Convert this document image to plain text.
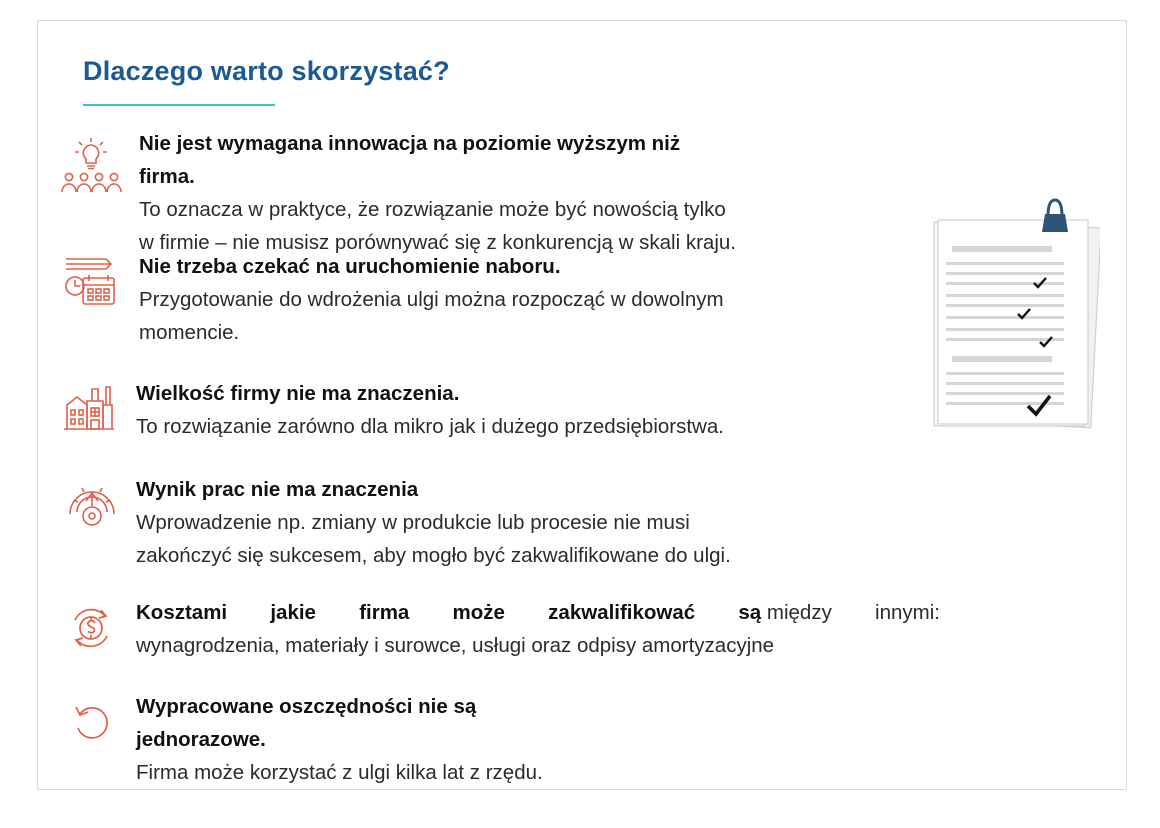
Dlaczego warto skorzystać?
Nie jest wymagana innowacja na poziomie wyższym niż firma.
To oznacza w praktyce, że rozwiązanie może być nowością tylko
w firmie – nie musisz porównywać się z konkurencją w skali kraju.
Nie trzeba czekać na uruchomienie naboru.
Przygotowanie do wdrożenia ulgi można rozpocząć w dowolnym
momencie.
Wielkość firmy nie ma znaczenia.
To rozwiązanie zarówno dla mikro jak i dużego przedsiębiorstwa.
Wynik prac nie ma znaczenia
Wprowadzenie np. zmiany w produkcie lub procesie nie musi
zakończyć się sukcesem, aby mogło być zakwalifikowane do ulgi.
Kosztami jakie firma może zakwalifikować są między innymi:
wynagrodzenia, materiały i surowce, usługi oraz odpisy amortyzacyjne
Wypracowane oszczędności nie są jednorazowe.
Firma może korzystać z ulgi kilka lat z rzędu.
